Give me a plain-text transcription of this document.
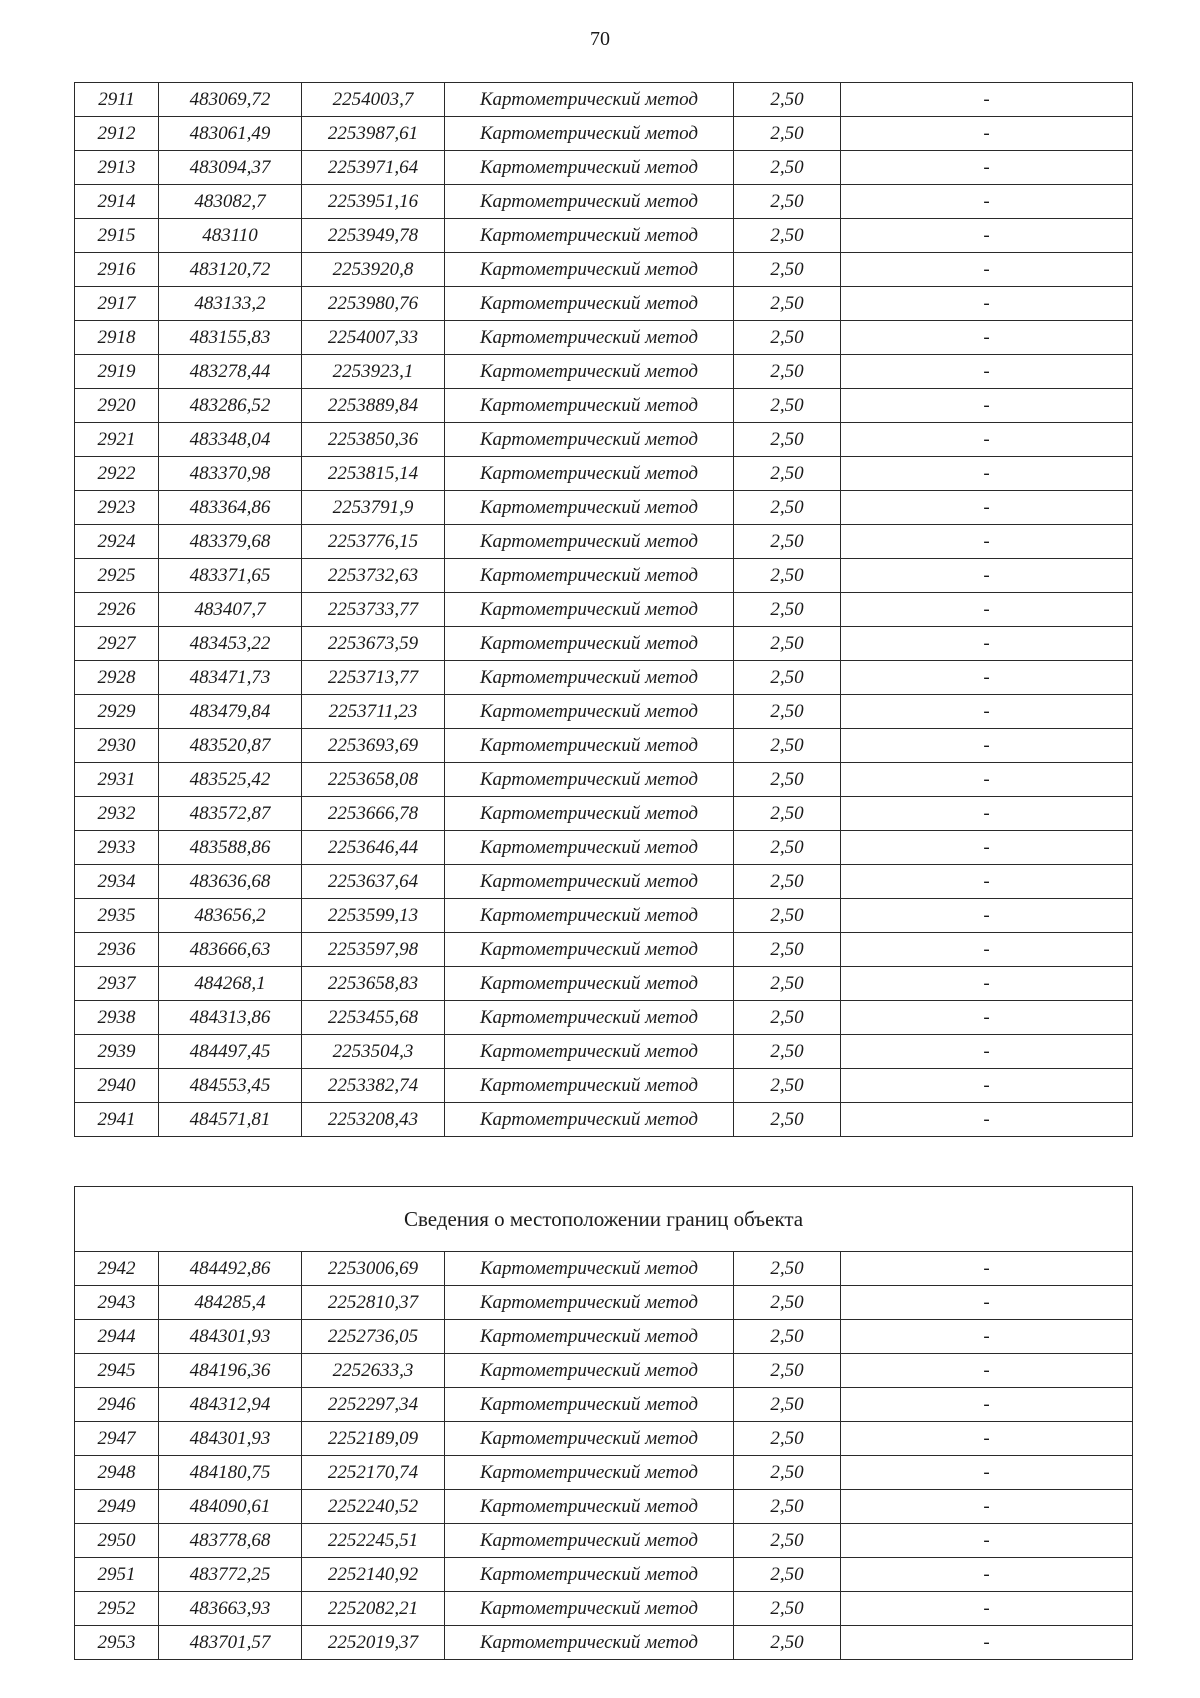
70
2911	483069,72	2254003,7	Картометрический метод	2,50	-
2912	483061,49	2253987,61	Картометрический метод	2,50	-
2913	483094,37	2253971,64	Картометрический метод	2,50	-
2914	483082,7	2253951,16	Картометрический метод	2,50	-
2915	483110	2253949,78	Картометрический метод	2,50	-
2916	483120,72	2253920,8	Картометрический метод	2,50	-
2917	483133,2	2253980,76	Картометрический метод	2,50	-
2918	483155,83	2254007,33	Картометрический метод	2,50	-
2919	483278,44	2253923,1	Картометрический метод	2,50	-
2920	483286,52	2253889,84	Картометрический метод	2,50	-
2921	483348,04	2253850,36	Картометрический метод	2,50	-
2922	483370,98	2253815,14	Картометрический метод	2,50	-
2923	483364,86	2253791,9	Картометрический метод	2,50	-
2924	483379,68	2253776,15	Картометрический метод	2,50	-
2925	483371,65	2253732,63	Картометрический метод	2,50	-
2926	483407,7	2253733,77	Картометрический метод	2,50	-
2927	483453,22	2253673,59	Картометрический метод	2,50	-
2928	483471,73	2253713,77	Картометрический метод	2,50	-
2929	483479,84	2253711,23	Картометрический метод	2,50	-
2930	483520,87	2253693,69	Картометрический метод	2,50	-
2931	483525,42	2253658,08	Картометрический метод	2,50	-
2932	483572,87	2253666,78	Картометрический метод	2,50	-
2933	483588,86	2253646,44	Картометрический метод	2,50	-
2934	483636,68	2253637,64	Картометрический метод	2,50	-
2935	483656,2	2253599,13	Картометрический метод	2,50	-
2936	483666,63	2253597,98	Картометрический метод	2,50	-
2937	484268,1	2253658,83	Картометрический метод	2,50	-
2938	484313,86	2253455,68	Картометрический метод	2,50	-
2939	484497,45	2253504,3	Картометрический метод	2,50	-
2940	484553,45	2253382,74	Картометрический метод	2,50	-
2941	484571,81	2253208,43	Картометрический метод	2,50	-
Сведения о местоположении границ объекта					
2942	484492,86	2253006,69	Картометрический метод	2,50	-
2943	484285,4	2252810,37	Картометрический метод	2,50	-
2944	484301,93	2252736,05	Картометрический метод	2,50	-
2945	484196,36	2252633,3	Картометрический метод	2,50	-
2946	484312,94	2252297,34	Картометрический метод	2,50	-
2947	484301,93	2252189,09	Картометрический метод	2,50	-
2948	484180,75	2252170,74	Картометрический метод	2,50	-
2949	484090,61	2252240,52	Картометрический метод	2,50	-
2950	483778,68	2252245,51	Картометрический метод	2,50	-
2951	483772,25	2252140,92	Картометрический метод	2,50	-
2952	483663,93	2252082,21	Картометрический метод	2,50	-
2953	483701,57	2252019,37	Картометрический метод	2,50	-
